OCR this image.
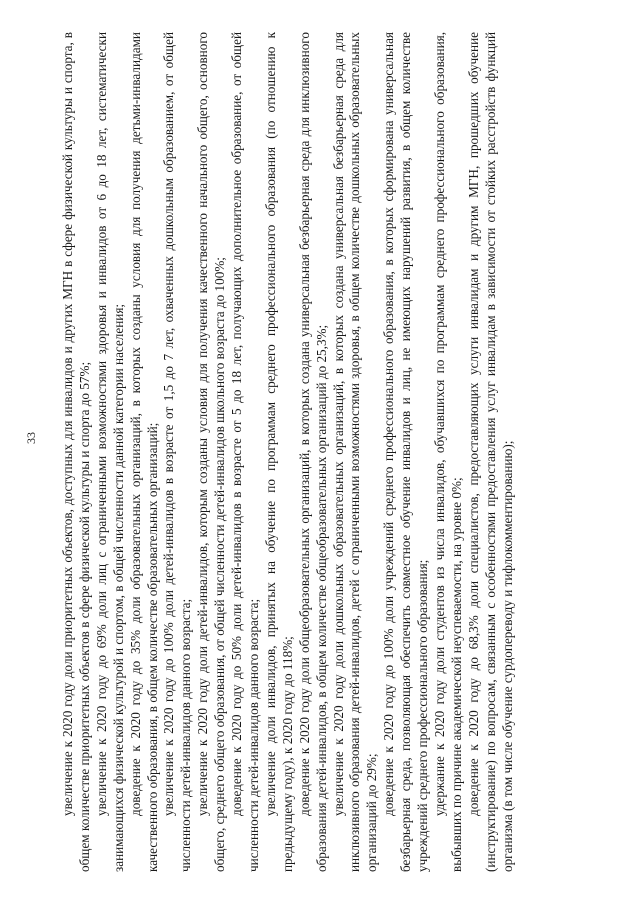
33 увеличение к 2020 году доли приоритетных объектов, доступных для инвалидов и других МГН в сфере физической культуры и спорта, в общем количестве приоритетных объектов в сфере физической культуры и спорта до 57%; увеличение к 2020 году до 69% доли лиц с ограниченными возможностями здоровья и инвалидов от 6 до 18 лет, систематически занимающихся физической культурой и спортом, в общей численности данной категории населения; доведение к 2020 году до 35% доли образовательных организаций, в которых созданы условия для получения детьми-инвалидами качественного образования, в общем количестве образовательных организаций; увеличение к 2020 году до 100% доли детей-инвалидов в возрасте от 1,5 до 7 лет, охваченных дошкольным образованием, от общей численности детей-инвалидов данного возраста; увеличение к 2020 году доли детей-инвалидов, которым созданы условия для получения качественного начального общего, основного общего, среднего общего образования, от общей численности детей-инвалидов школьного возраста до 100%; доведение к 2020 году до 50% доли детей-инвалидов в возрасте от 5 до 18 лет, получающих дополнительное образование, от общей численности детей-инвалидов данного возраста; увеличение доли инвалидов, принятых на обучение по программам среднего профессионального образования (по отношению к предыдущему году), к 2020 году до 118%; доведение к 2020 году доли общеобразовательных организаций, в которых создана универсальная безбарьерная среда для инклюзивного образования детей-инвалидов, в общем количестве общеобразовательных организаций до 25,3%; увеличение к 2020 году доли дошкольных образовательных организаций, в которых создана универсальная безбарьерная среда для инклюзивного образования детей-инвалидов, детей с ограниченными возможностями здоровья, в общем количестве дошкольных образовательных организаций до 29%; доведение к 2020 году до 100% доли учреждений среднего профессионального образования, в которых сформирована универсальная безбарьерная среда, позволяющая обеспечить совместное обучение инвалидов и лиц, не имеющих нарушений развития, в общем количестве учреждений среднего профессионального образования; удержание к 2020 году доли студентов из числа инвалидов, обучавшихся по программам среднего профессионального образования, выбывших по причине академической неуспеваемости, на уровне 0%; доведение к 2020 году до 68,3% доли специалистов, предоставляющих услуги инвалидам и другим МГН, прошедших обучение (инструктирование) по вопросам, связанным с особенностями предоставления услуг инвалидам в зависимости от стойких расстройств функций организма (в том числе обучение сурдопереводу и тифлокомментированию);
